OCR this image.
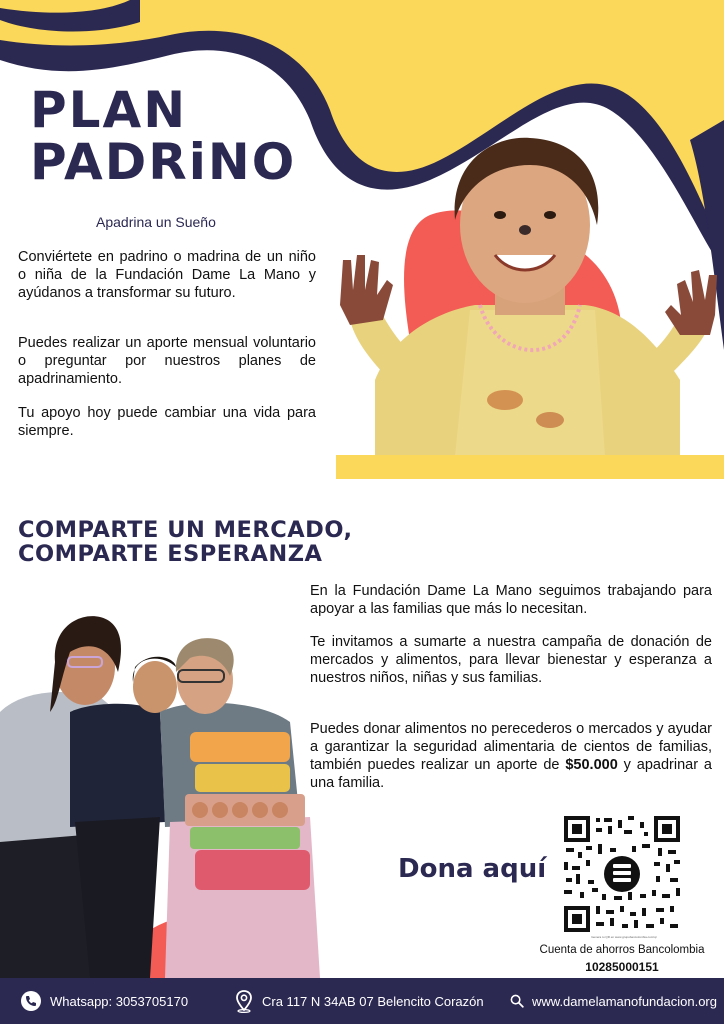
PLAN
PADRiNO
Apadrina un Sueño

Conviértete en padrino o madrina de un niño o niña de la Fundación Dame La Mano y ayúdanos a transformar su futuro.

Puedes realizar un aporte mensual voluntario o preguntar por nuestros planes de apadrinamiento.

Tu apoyo hoy puede cambiar una vida para siempre.

COMPARTE UN MERCADO,
COMPARTE ESPERANZA

En la Fundación Dame La Mano seguimos trabajando para apoyar a las familias que más lo necesitan.

Te invitamos a sumarte a nuestra campaña de donación de mercados y alimentos, para llevar bienestar y esperanza a nuestros niños, niñas y sus familias.

Puedes donar alimentos no perecederos o mercados y ayudar a garantizar la seguridad alimentaria de cientos de familias, también puedes realizar un aporte de $50.000 y apadrinar a una familia.

Dona aquí
Genera tu QR en www.grupobancolombia.com/qr
Cuenta de ahorros Bancolombia
10285000151
Whatsapp: 3053705170	Cra 117 N 34AB 07 Belencito Corazón	www.damelamanofundacion.org
